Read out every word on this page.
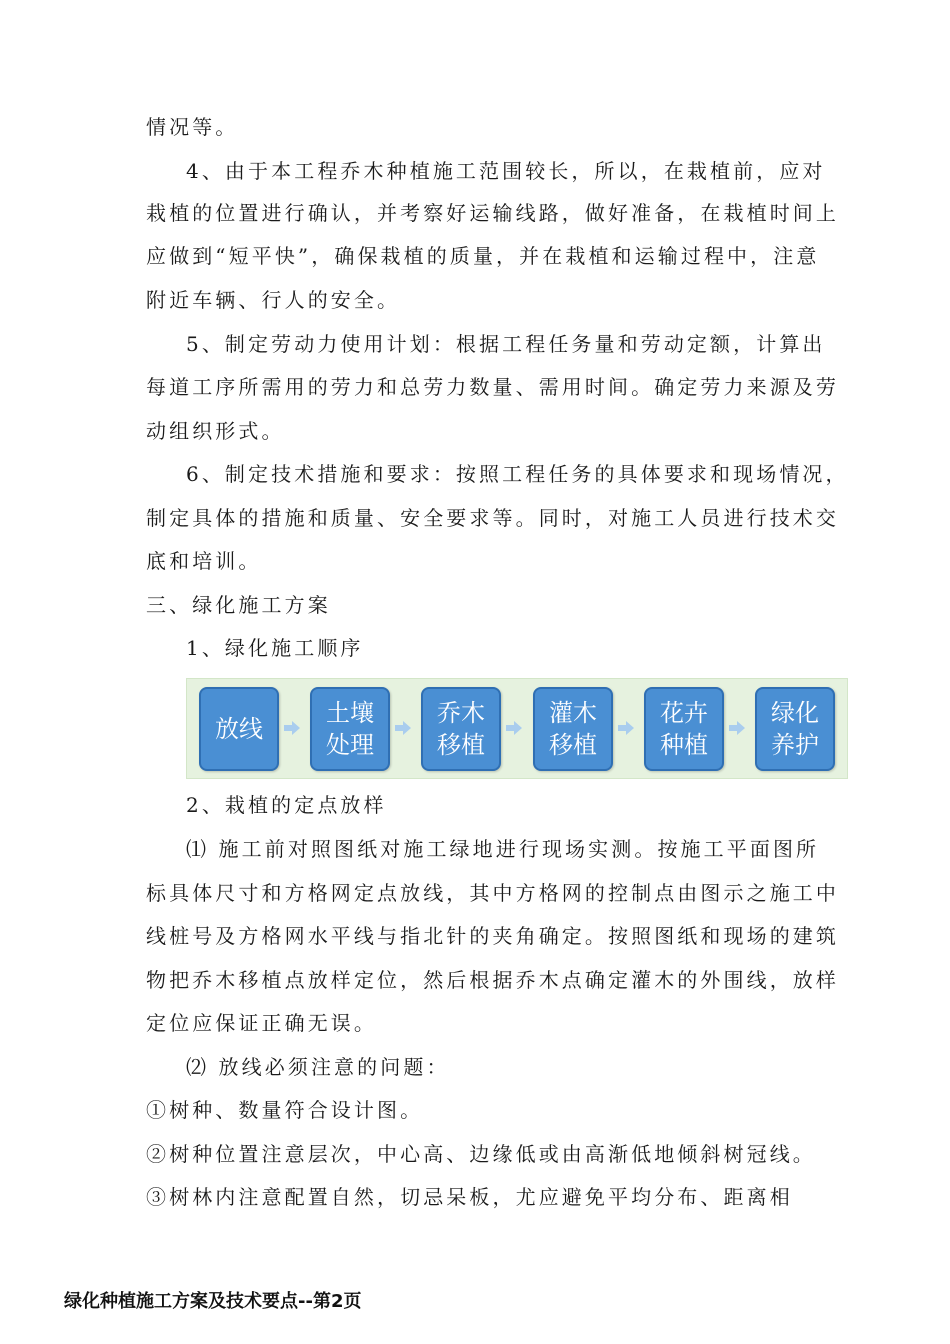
情况等。
4、由于本工程乔木种植施工范围较长，所以，在栽植前，应对
栽植的位置进行确认，并考察好运输线路，做好准备，在栽植时间上
应做到“短平快”，确保栽植的质量，并在栽植和运输过程中，注意
附近车辆、行人的安全。
5、制定劳动力使用计划：根据工程任务量和劳动定额，计算出
每道工序所需用的劳力和总劳力数量、需用时间。确定劳力来源及劳
动组织形式。
6、制定技术措施和要求：按照工程任务的具体要求和现场情况，
制定具体的措施和质量、安全要求等。同时，对施工人员进行技术交
底和培训。
三、绿化施工方案
1、绿化施工顺序
放线
土壤处理
乔木移植
灌木移植
花卉种植
绿化养护
2、栽植的定点放样
⑴ 施工前对照图纸对施工绿地进行现场实测。按施工平面图所
标具体尺寸和方格网定点放线，其中方格网的控制点由图示之施工中
线桩号及方格网水平线与指北针的夹角确定。按照图纸和现场的建筑
物把乔木移植点放样定位，然后根据乔木点确定灌木的外围线，放样
定位应保证正确无误。
⑵ 放线必须注意的问题：
①树种、数量符合设计图。
②树种位置注意层次，中心高、边缘低或由高渐低地倾斜树冠线。
③树林内注意配置自然，切忌呆板，尤应避免平均分布、距离相
绿化种植施工方案及技术要点--第2页
